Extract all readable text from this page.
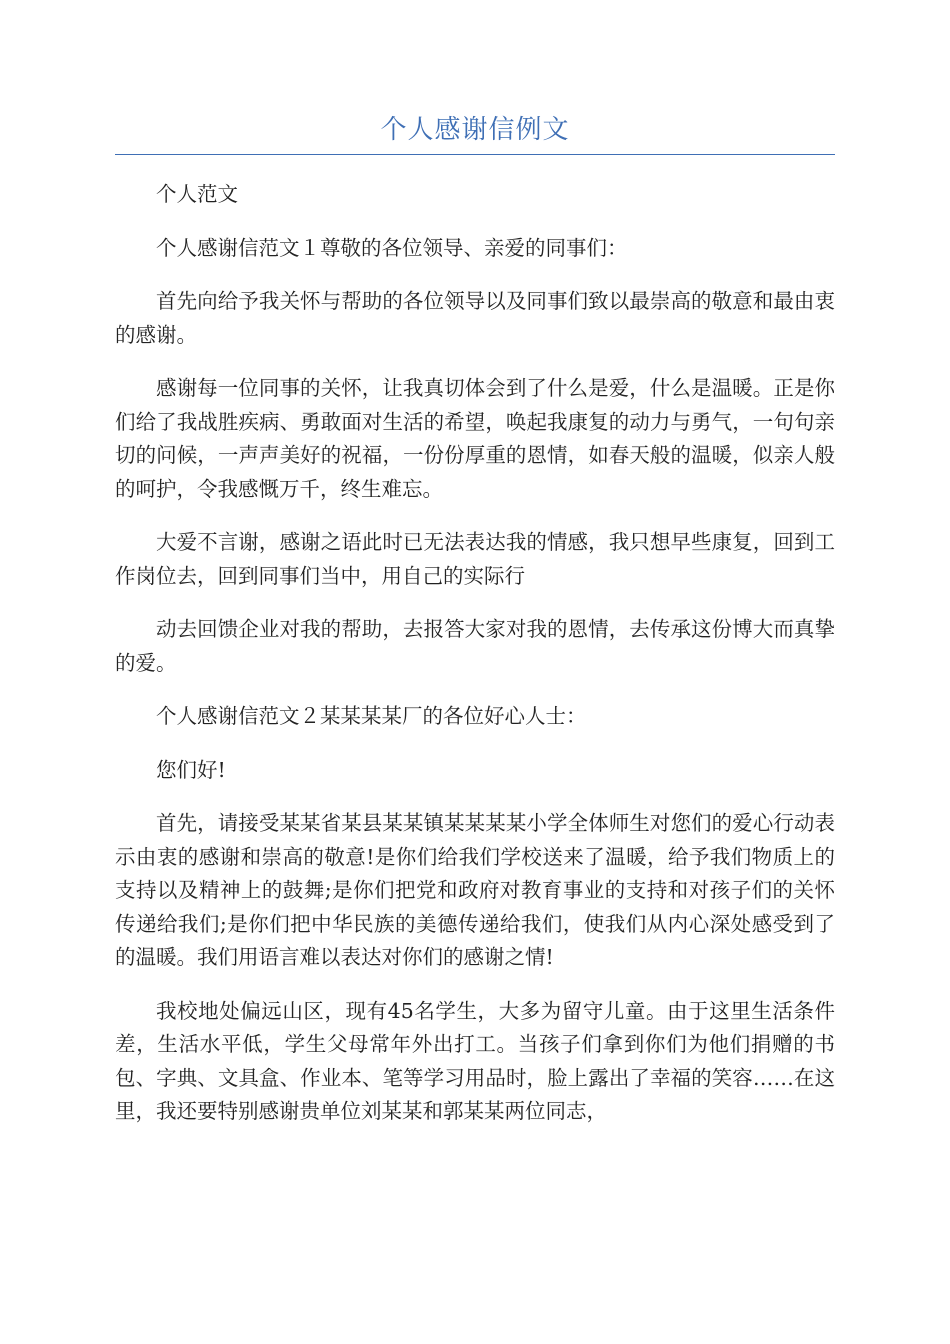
个人感谢信例文

个人范文

个人感谢信范文１尊敬的各位领导、亲爱的同事们：

首先向给予我关怀与帮助的各位领导以及同事们致以最崇高的敬意和最由衷的感谢。

感谢每一位同事的关怀，让我真切体会到了什么是爱，什么是温暖。正是你们给了我战胜疾病、勇敢面对生活的希望，唤起我康复的动力与勇气，一句句亲切的问候，一声声美好的祝福，一份份厚重的恩情，如春天般的温暖，似亲人般的呵护，令我感慨万千，终生难忘。

大爱不言谢，感谢之语此时已无法表达我的情感，我只想早些康复，回到工作岗位去，回到同事们当中，用自己的实际行

动去回馈企业对我的帮助，去报答大家对我的恩情，去传承这份博大而真挚的爱。

个人感谢信范文２某某某某厂的各位好心人士：

您们好!

首先，请接受某某省某县某某镇某某某某小学全体师生对您们的爱心行动表示由衷的感谢和崇高的敬意!是你们给我们学校送来了温暖，给予我们物质上的支持以及精神上的鼓舞;是你们把党和政府对教育事业的支持和对孩子们的关怀传递给我们;是你们把中华民族的美德传递给我们，使我们从内心深处感受到了的温暖。我们用语言难以表达对你们的感谢之情!

我校地处偏远山区，现有45名学生，大多为留守儿童。由于这里生活条件差，生活水平低，学生父母常年外出打工。当孩子们拿到你们为他们捐赠的书包、字典、文具盒、作业本、笔等学习用品时，脸上露出了幸福的笑容……在这里，我还要特别感谢贵单位刘某某和郭某某两位同志，
